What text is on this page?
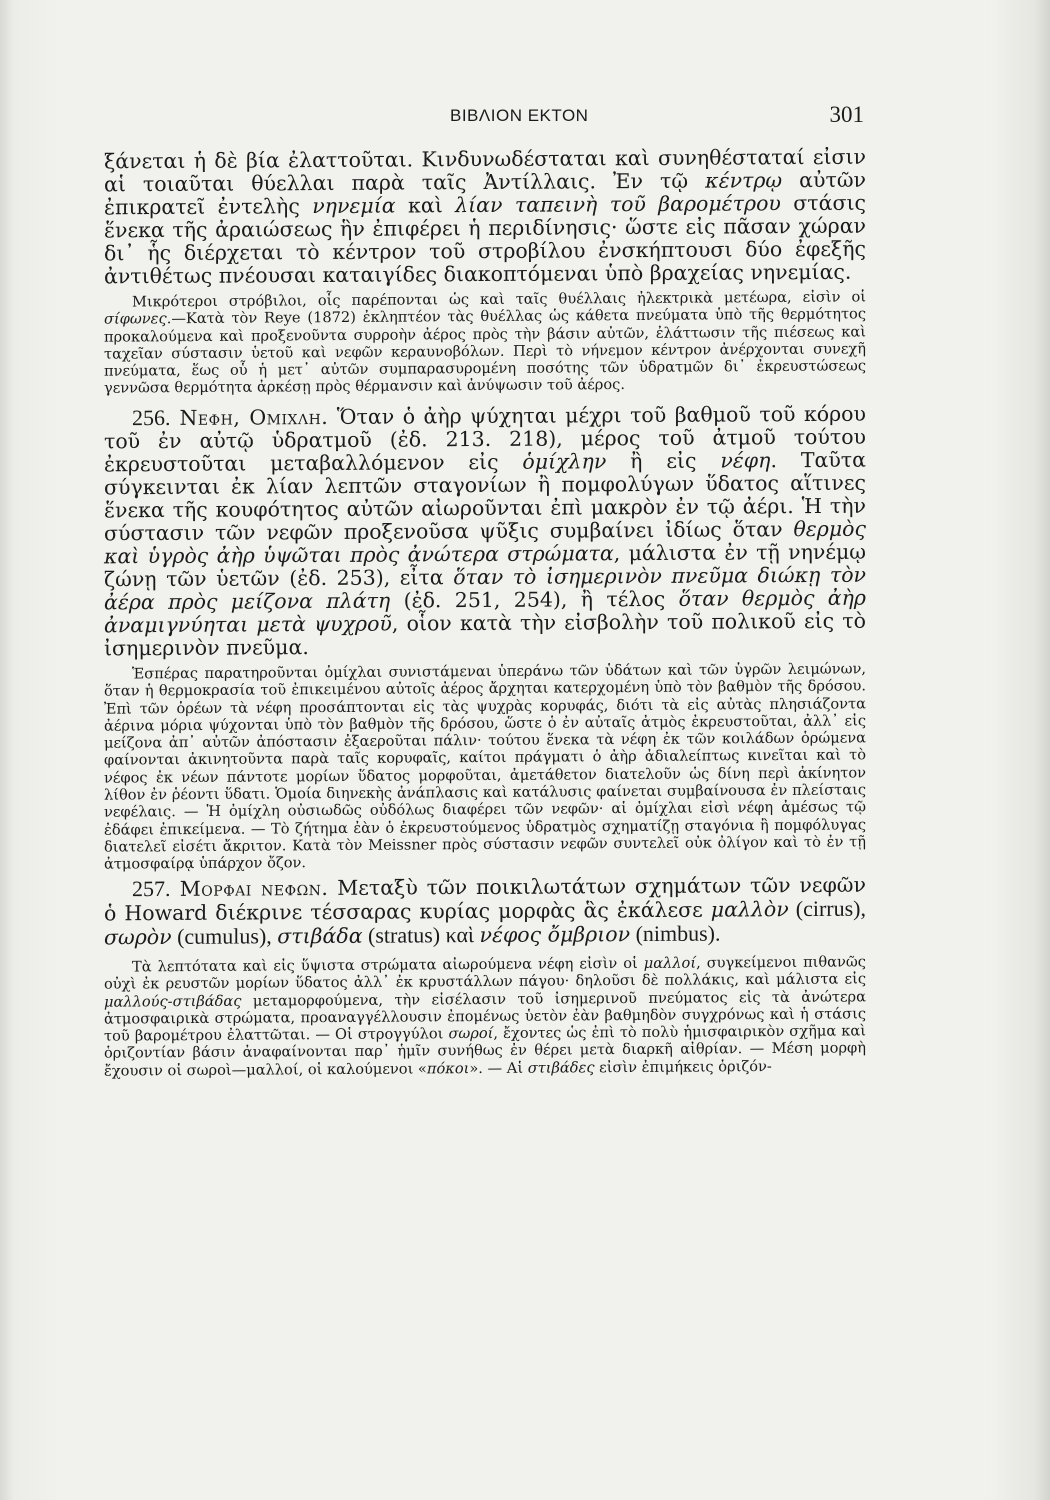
ΒΙΒΛΙΟΝ ΕΚΤΟΝ	301

ξάνεται ἡ δὲ βία ἐλαττοῦται. Κινδυνωδέσταται καὶ συνηθέσταταί εἰσιν αἱ τοιαῦται θύελλαι παρὰ ταῖς Ἀντίλλαις. Ἐν τῷ κέντρῳ αὐτῶν ἐπικρατεῖ ἐντελὴς νηνεμία καὶ λίαν ταπεινὴ τοῦ βαρομέτρου στάσις ἕνεκα τῆς ἀραιώσεως ἣν ἐπιφέρει ἡ περιδίνησις· ὥστε εἰς πᾶσαν χώραν δι᾽ ἧς διέρχεται τὸ κέντρον τοῦ στροβίλου ἐνσκήπτουσι δύο ἐφεξῆς ἀντιθέτως πνέουσαι καταιγίδες διακοπτόμεναι ὑπὸ βραχείας νηνεμίας.

Μικρότεροι στρόβιλοι, οἷς παρέπονται ὡς καὶ ταῖς θυέλλαις ἠλεκτρικὰ μετέωρα, εἰσὶν οἱ σίφωνες.—Κατὰ τὸν Reye (1872) ἐκληπτέον τὰς θυέλλας ὡς κάθετα πνεύματα ὑπὸ τῆς θερμότητος προκαλούμενα καὶ προξενοῦντα συρροὴν ἀέρος πρὸς τὴν βάσιν αὐτῶν, ἐλάττωσιν τῆς πιέσεως καὶ ταχεῖαν σύστασιν ὑετοῦ καὶ νεφῶν κεραυνοβόλων. Περὶ τὸ νήνεμον κέντρον ἀνέρχονται συνεχῆ πνεύματα, ἕως οὗ ἡ μετ᾽ αὐτῶν συμπαρασυρομένη ποσότης τῶν ὑδρατμῶν δι᾽ ἐκρευστώσεως γεννῶσα θερμότητα ἀρκέσῃ πρὸς θέρμανσιν καὶ ἀνύψωσιν τοῦ ἀέρος.

256. Νεφη, Ομιχλη. Ὅταν ὁ ἀὴρ ψύχηται μέχρι τοῦ βαθμοῦ τοῦ κόρου τοῦ ἐν αὐτῷ ὑδρατμοῦ (ἐδ. 213. 218), μέρος τοῦ ἀτμοῦ τούτου ἐκρευστοῦται μεταβαλλόμενον εἰς ὁμίχλην ἢ εἰς νέφη. Ταῦτα σύγκεινται ἐκ λίαν λεπτῶν σταγονίων ἢ πομφολύγων ὕδατος αἵτινες ἕνεκα τῆς κουφότητος αὐτῶν αἰωροῦνται ἐπὶ μακρὸν ἐν τῷ ἀέρι. Ἡ τὴν σύστασιν τῶν νεφῶν προξενοῦσα ψῦξις συμβαίνει ἰδίως ὅταν θερμὸς καὶ ὑγρὸς ἀὴρ ὑψῶται πρὸς ἀνώτερα στρώματα, μάλιστα ἐν τῇ νηνέμῳ ζώνῃ τῶν ὑετῶν (ἐδ. 253), εἶτα ὅταν τὸ ἰσημερινὸν πνεῦμα διώκῃ τὸν ἀέρα πρὸς μείζονα πλάτη (ἐδ. 251, 254), ἢ τέλος ὅταν θερμὸς ἀὴρ ἀναμιγνύηται μετὰ ψυχροῦ, οἷον κατὰ τὴν εἰσβολὴν τοῦ πολικοῦ εἰς τὸ ἰσημερινὸν πνεῦμα.

Ἑσπέρας παρατηροῦνται ὀμίχλαι συνιστάμεναι ὑπεράνω τῶν ὑδάτων καὶ τῶν ὑγρῶν λειμώνων, ὅταν ἡ θερμοκρασία τοῦ ἐπικειμένου αὐτοῖς ἀέρος ἄρχηται κατερχομένη ὑπὸ τὸν βαθμὸν τῆς δρόσου. Ἐπὶ τῶν ὀρέων τὰ νέφη προσάπτονται εἰς τὰς ψυχρὰς κορυφάς, διότι τὰ εἰς αὐτὰς πλησιάζοντα ἀέρινα μόρια ψύχονται ὑπὸ τὸν βαθμὸν τῆς δρόσου, ὥστε ὁ ἐν αὐταῖς ἀτμὸς ἐκρευστοῦται, ἀλλ᾽ εἰς μείζονα ἀπ᾽ αὐτῶν ἀπόστασιν ἐξαεροῦται πάλιν· τούτου ἕνεκα τὰ νέφη ἐκ τῶν κοιλάδων ὁρώμενα φαίνονται ἀκινητοῦντα παρὰ ταῖς κορυφαῖς, καίτοι πράγματι ὁ ἀὴρ ἀδιαλείπτως κινεῖται καὶ τὸ νέφος ἐκ νέων πάντοτε μορίων ὕδατος μορφοῦται, ἀμετάθετον διατελοῦν ὡς δίνη περὶ ἀκίνητον λίθον ἐν ῥέοντι ὕδατι. Ὁμοία διηνεκὴς ἀνάπλασις καὶ κατάλυσις φαίνεται συμβαίνουσα ἐν πλείσταις νεφέλαις. — Ἡ ὀμίχλη οὐσιωδῶς οὐδόλως διαφέρει τῶν νεφῶν· αἱ ὀμίχλαι εἰσὶ νέφη ἀμέσως τῷ ἐδάφει ἐπικείμενα. — Τὸ ζήτημα ἐὰν ὁ ἐκρευστούμενος ὑδρατμὸς σχηματίζῃ σταγόνια ἢ πομφόλυγας διατελεῖ εἰσέτι ἄκριτον. Κατὰ τὸν Meissner πρὸς σύστασιν νεφῶν συντελεῖ οὐκ ὀλίγον καὶ τὸ ἐν τῇ ἀτμοσφαίρᾳ ὑπάρχον ὄζον.

257. Μορφαι νεφων. Μεταξὺ τῶν ποικιλωτάτων σχημάτων τῶν νεφῶν ὁ Howard διέκρινε τέσσαρας κυρίας μορφὰς ἃς ἐκάλεσε μαλλὸν (cirrus), σωρὸν (cumulus), στιβάδα (stratus) καὶ νέφος ὄμβριον (nimbus).

Τὰ λεπτότατα καὶ εἰς ὕψιστα στρώματα αἰωρούμενα νέφη εἰσὶν οἱ μαλλοί, συγκείμενοι πιθανῶς οὐχὶ ἐκ ρευστῶν μορίων ὕδατος ἀλλ᾽ ἐκ κρυστάλλων πάγου· δηλοῦσι δὲ πολλάκις, καὶ μάλιστα εἰς μαλλούς-στιβάδας μεταμορφούμενα, τὴν εἰσέλασιν τοῦ ἰσημερινοῦ πνεύματος εἰς τὰ ἀνώτερα ἀτμοσφαιρικὰ στρώματα, προαναγγέλλουσιν ἐπομένως ὑετὸν ἐὰν βαθμηδὸν συγχρόνως καὶ ἡ στάσις τοῦ βαρομέτρου ἐλαττῶται. — Οἱ στρογγύλοι σωροί, ἔχοντες ὡς ἐπὶ τὸ πολὺ ἡμισφαιρικὸν σχῆμα καὶ ὁριζοντίαν βάσιν ἀναφαίνονται παρ᾽ ἡμῖν συνήθως ἐν θέρει μετὰ διαρκῆ αἰθρίαν. — Μέση μορφὴ ἔχουσιν οἱ σωροὶ—μαλλοί, οἱ καλούμενοι «πόκοι». — Αἱ στιβάδες εἰσὶν ἐπιμήκεις ὁριζόν-
